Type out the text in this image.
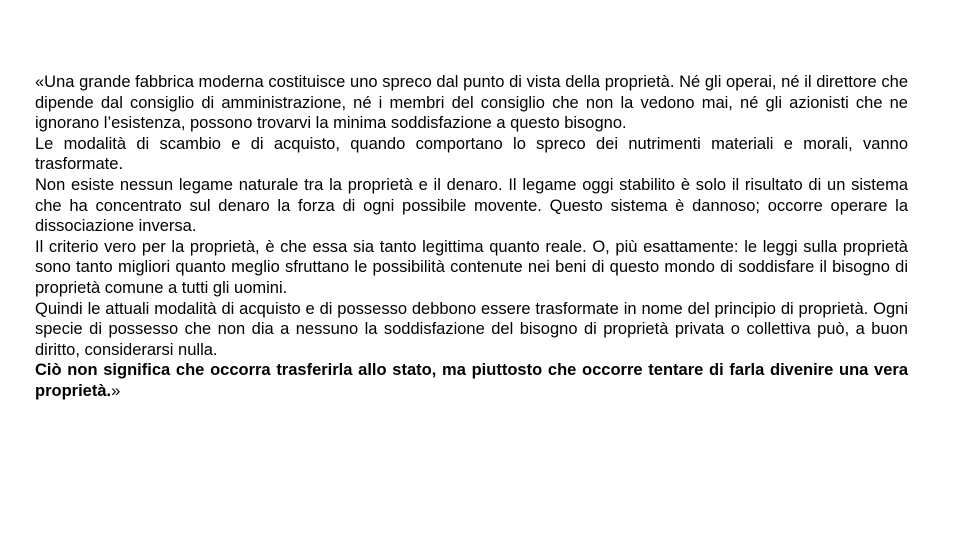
«Una grande fabbrica moderna costituisce uno spreco dal punto di vista della proprietà. Né gli operai, né il direttore che dipende dal consiglio di amministrazione, né i membri del consiglio che non la vedono mai, né gli azionisti che ne ignorano l’esistenza, possono trovarvi la minima soddisfazione a questo bisogno.

Le modalità di scambio e di acquisto, quando comportano lo spreco dei nutrimenti materiali e morali, vanno trasformate.

Non esiste nessun legame naturale tra la proprietà e il denaro. Il legame oggi stabilito è solo il risultato di un sistema che ha concentrato sul denaro la forza di ogni possibile movente. Questo sistema è dannoso; occorre operare la dissociazione inversa.

Il criterio vero per la proprietà, è che essa sia tanto legittima quanto reale. O, più esattamente: le leggi sulla proprietà sono tanto migliori quanto meglio sfruttano le possibilità contenute nei beni di questo mondo di soddisfare il bisogno di proprietà comune a tutti gli uomini.

Quindi le attuali modalità di acquisto e di possesso debbono essere trasformate in nome del principio di proprietà. Ogni specie di possesso che non dia a nessuno la soddisfazione del bisogno di proprietà privata o collettiva può, a buon diritto, considerarsi nulla.

Ciò non significa che occorra trasferirla allo stato, ma piuttosto che occorre tentare di farla divenire una vera proprietà.»
